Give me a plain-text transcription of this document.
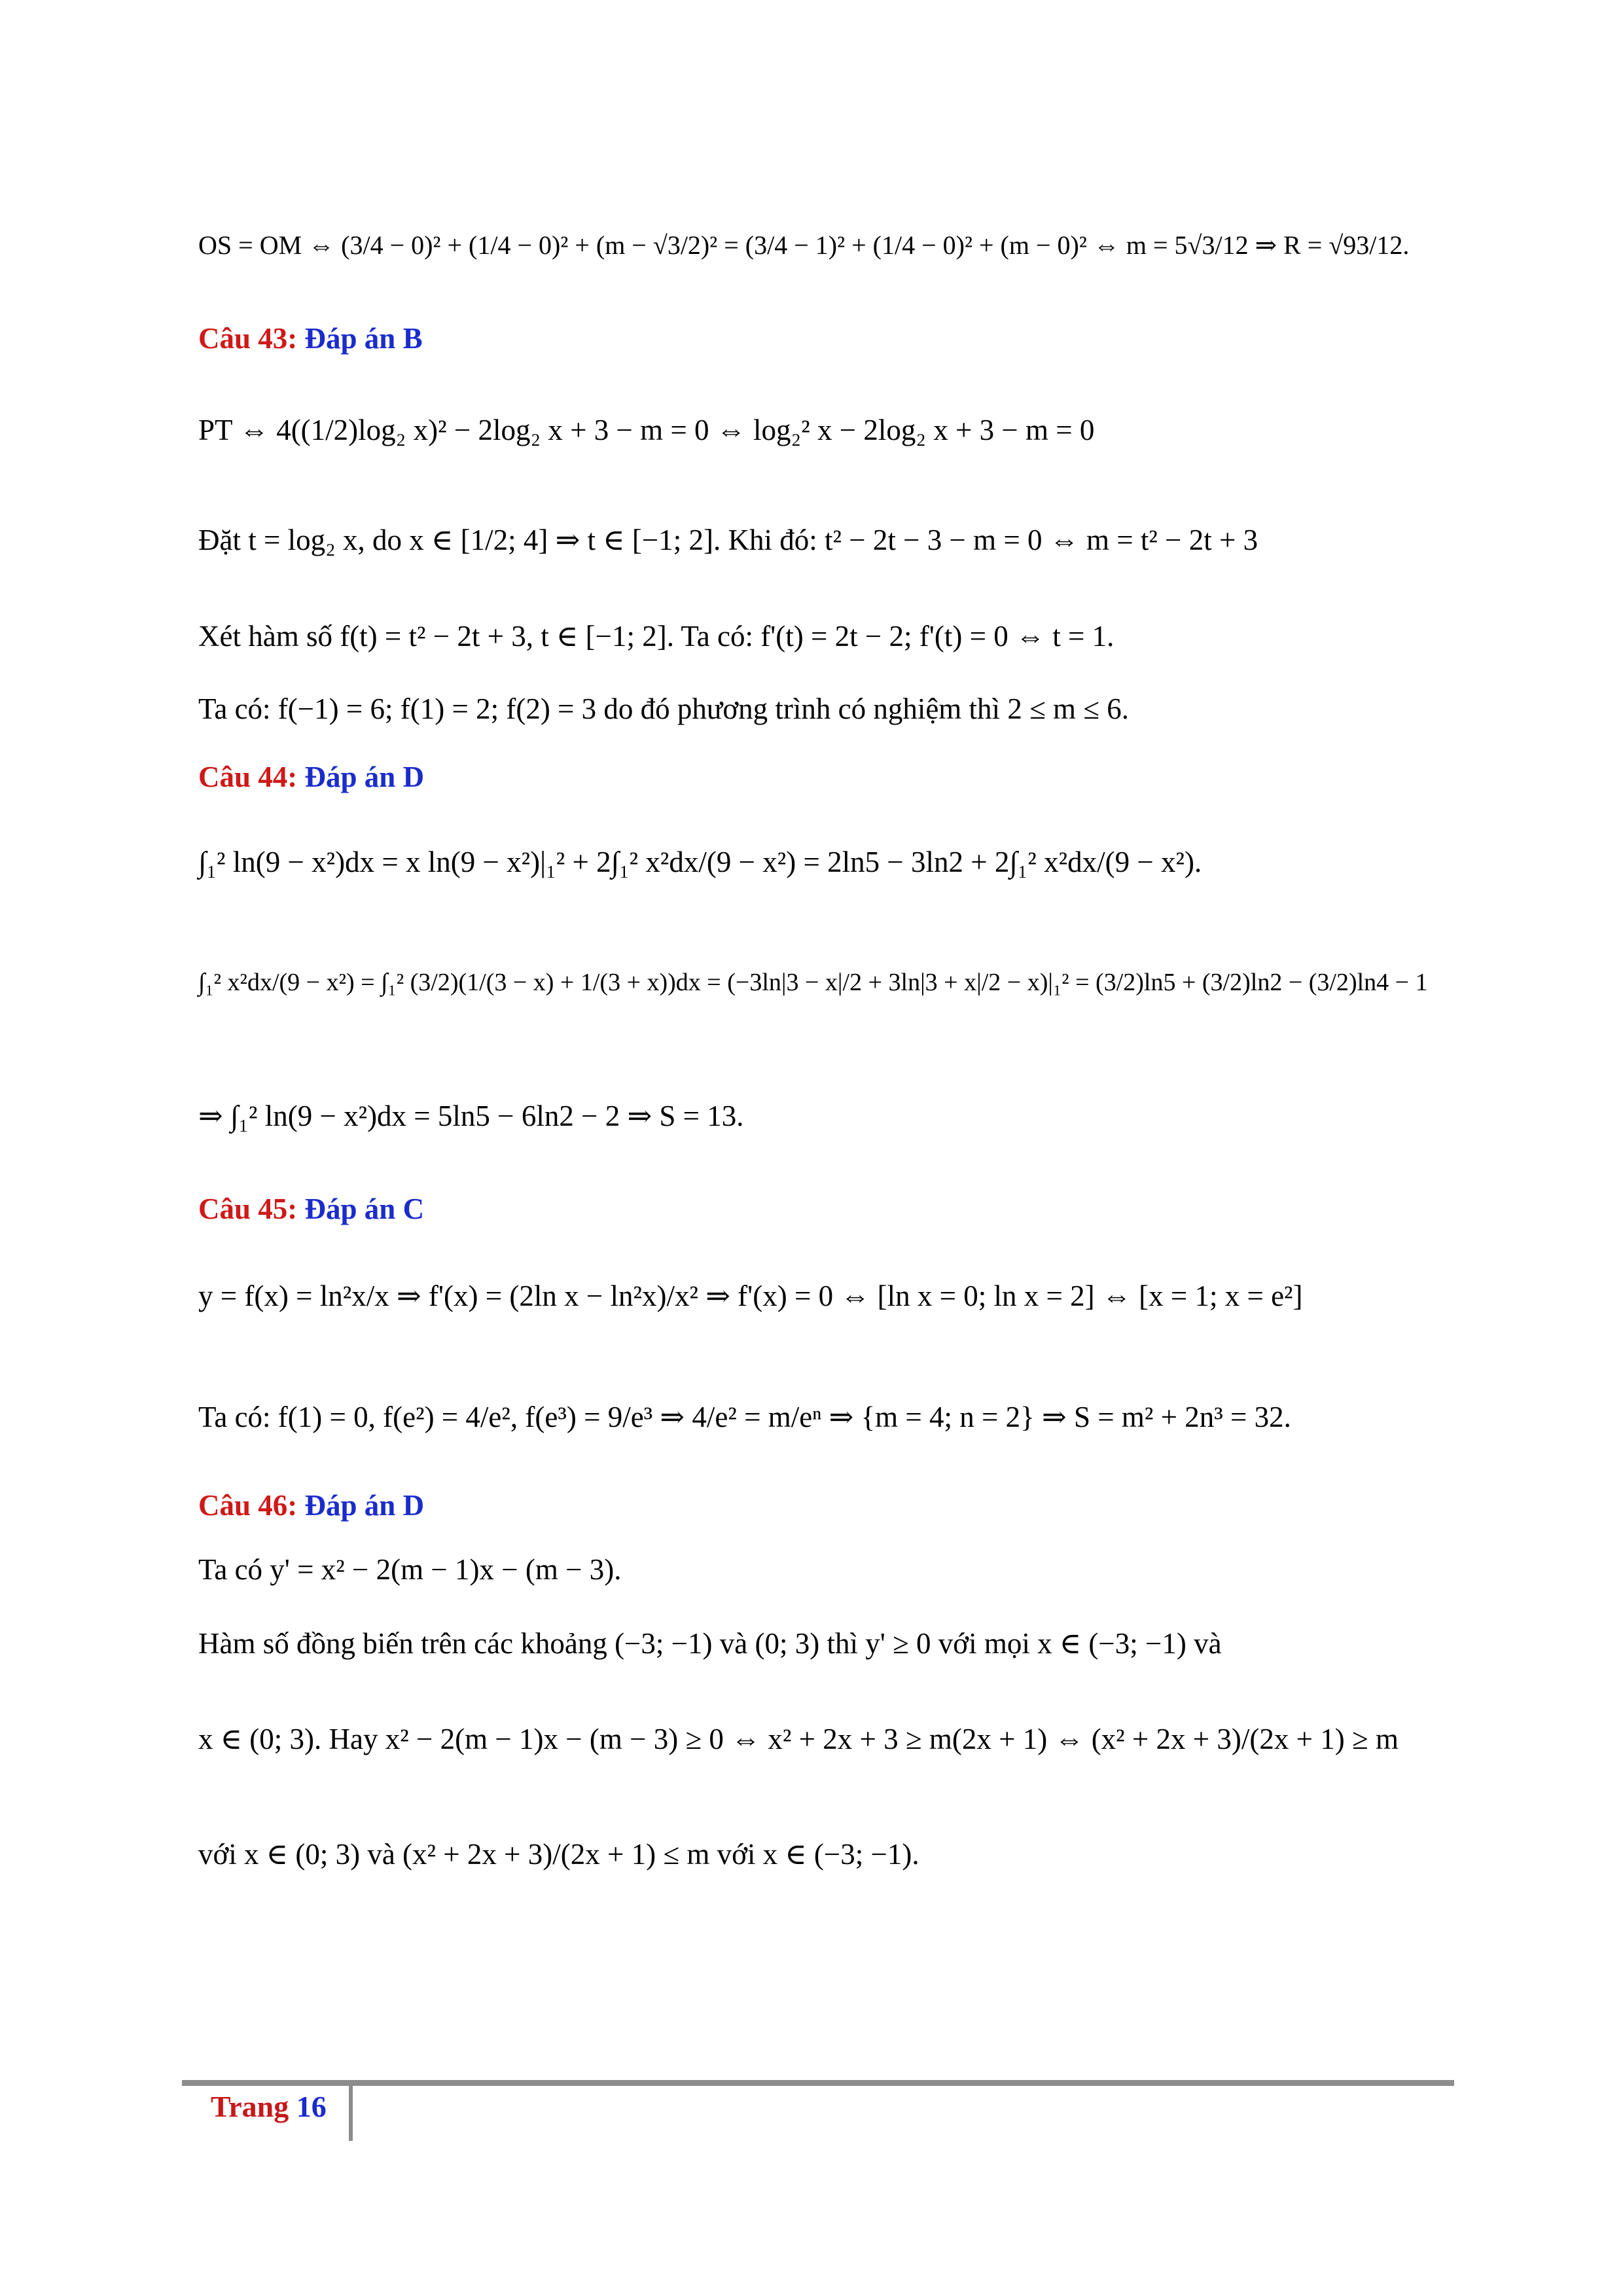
OS = OM ⇔ (3/4 − 0)² + (1/4 − 0)² + (m − √3/2)² = (3/4 − 1)² + (1/4 − 0)² + (m − 0)² ⇔ m = 5√3/12 ⇒ R = √93/12.
Câu 43: Đáp án B
PT ⇔ 4((1/2)log₂ x)² − 2log₂ x + 3 − m = 0 ⇔ log₂² x − 2log₂ x + 3 − m = 0
Đặt t = log₂ x, do x ∈ [1/2; 4] ⇒ t ∈ [−1; 2]. Khi đó: t² − 2t − 3 − m = 0 ⇔ m = t² − 2t + 3
Xét hàm số f(t) = t² − 2t + 3, t ∈ [−1; 2]. Ta có: f'(t) = 2t − 2; f'(t) = 0 ⇔ t = 1.
Ta có: f(−1) = 6; f(1) = 2; f(2) = 3 do đó phương trình có nghiệm thì 2 ≤ m ≤ 6.
Câu 44: Đáp án D
∫₁² ln(9 − x²)dx = x ln(9 − x²)|₁² + 2∫₁² x²dx/(9 − x²) = 2ln5 − 3ln2 + 2∫₁² x²dx/(9 − x²).
∫₁² x²dx/(9 − x²) = ∫₁² (3/2)(1/(3 − x) + 1/(3 + x))dx = (−3ln|3 − x|/2 + 3ln|3 + x|/2 − x)|₁² = (3/2)ln5 + (3/2)ln2 − (3/2)ln4 − 1
⇒ ∫₁² ln(9 − x²)dx = 5ln5 − 6ln2 − 2 ⇒ S = 13.
Câu 45: Đáp án C
y = f(x) = ln²x/x ⇒ f'(x) = (2ln x − ln²x)/x² ⇒ f'(x) = 0 ⇔ [ln x = 0; ln x = 2] ⇔ [x = 1; x = e²]
Ta có: f(1) = 0, f(e²) = 4/e², f(e³) = 9/e³ ⇒ 4/e² = m/eⁿ ⇒ {m = 4; n = 2} ⇒ S = m² + 2n³ = 32.
Câu 46: Đáp án D
Ta có y' = x² − 2(m − 1)x − (m − 3).
Hàm số đồng biến trên các khoảng (−3; −1) và (0; 3) thì y' ≥ 0 với mọi x ∈ (−3; −1) và
x ∈ (0; 3). Hay x² − 2(m − 1)x − (m − 3) ≥ 0 ⇔ x² + 2x + 3 ≥ m(2x + 1) ⇔ (x² + 2x + 3)/(2x + 1) ≥ m
với x ∈ (0; 3) và (x² + 2x + 3)/(2x + 1) ≤ m với x ∈ (−3; −1).
Trang 16
